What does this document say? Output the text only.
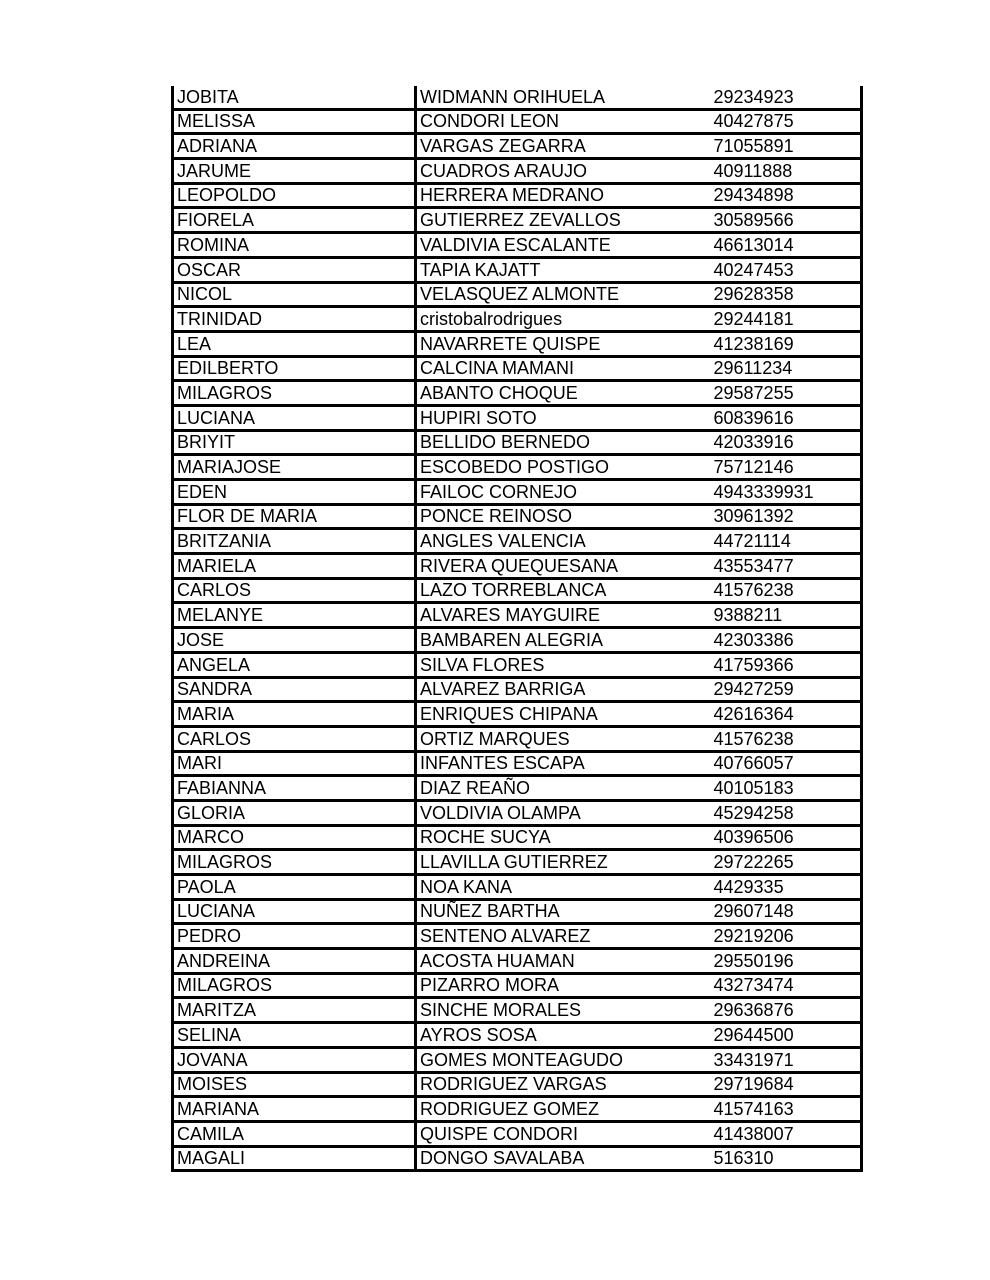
JOBITA	WIDMANN ORIHUELA	29234923
MELISSA	CONDORI LEON	40427875
ADRIANA	VARGAS ZEGARRA	71055891
JARUME	CUADROS ARAUJO	40911888
LEOPOLDO	HERRERA MEDRANO	29434898
FIORELA	GUTIERREZ ZEVALLOS	30589566
ROMINA	VALDIVIA ESCALANTE	46613014
OSCAR	TAPIA KAJATT	40247453
NICOL	VELASQUEZ ALMONTE	29628358
TRINIDAD	cristobalrodrigues	29244181
LEA	NAVARRETE QUISPE	41238169
EDILBERTO	CALCINA MAMANI	29611234
MILAGROS	ABANTO CHOQUE	29587255
LUCIANA	HUPIRI SOTO	60839616
BRIYIT	BELLIDO BERNEDO	42033916
MARIAJOSE	ESCOBEDO POSTIGO	75712146
EDEN	FAILOC CORNEJO	4943339931
FLOR DE MARIA	PONCE REINOSO	30961392
BRITZANIA	ANGLES VALENCIA	44721114
MARIELA	RIVERA QUEQUESANA	43553477
CARLOS	LAZO TORREBLANCA	41576238
MELANYE	ALVARES MAYGUIRE	9388211
JOSE	BAMBAREN ALEGRIA	42303386
ANGELA	SILVA FLORES	41759366
SANDRA	ALVAREZ BARRIGA	29427259
MARIA	ENRIQUES CHIPANA	42616364
CARLOS	ORTIZ MARQUES	41576238
MARI	INFANTES ESCAPA	40766057
FABIANNA	DIAZ REAÑO	40105183
GLORIA	VOLDIVIA OLAMPA	45294258
MARCO	ROCHE SUCYA	40396506
MILAGROS	LLAVILLA GUTIERREZ	29722265
PAOLA	NOA KANA	4429335
LUCIANA	NUÑEZ BARTHA	29607148
PEDRO	SENTENO ALVAREZ	29219206
ANDREINA	ACOSTA HUAMAN	29550196
MILAGROS	PIZARRO MORA	43273474
MARITZA	SINCHE MORALES	29636876
SELINA	AYROS SOSA	29644500
JOVANA	GOMES MONTEAGUDO	33431971
MOISES	RODRIGUEZ VARGAS	29719684
MARIANA	RODRIGUEZ GOMEZ	41574163
CAMILA	QUISPE CONDORI	41438007
MAGALI	DONGO SAVALABA	516310
